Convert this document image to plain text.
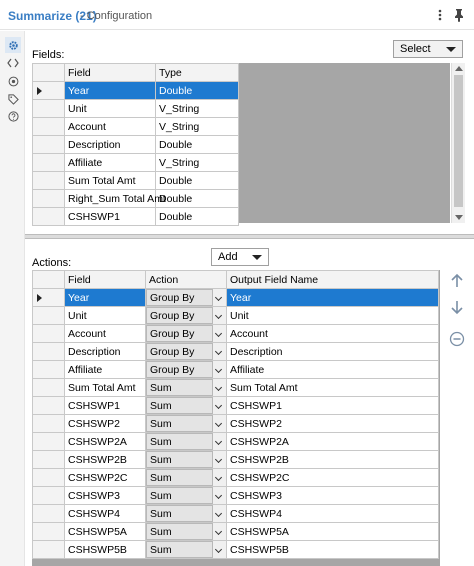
Summarize (21)
- Configuration
Fields:	Select
	Field	Type

	Year	Double
	Unit	V_String
	Account	V_String
	Description	Double
	Affiliate	V_String
	Sum Total Amt	Double
	Right_Sum Total Amt	Double
	CSHSWP1	Double
Actions:	Add
	Field	Action	Output Field Name

	Year	Group By	Year
	Unit	Group By	Unit
	Account	Group By	Account
	Description	Group By	Description
	Affiliate	Group By	Affiliate
	Sum Total Amt	Sum	Sum Total Amt
	CSHSWP1	Sum	CSHSWP1
	CSHSWP2	Sum	CSHSWP2
	CSHSWP2A	Sum	CSHSWP2A
	CSHSWP2B	Sum	CSHSWP2B
	CSHSWP2C	Sum	CSHSWP2C
	CSHSWP3	Sum	CSHSWP3
	CSHSWP4	Sum	CSHSWP4
	CSHSWP5A	Sum	CSHSWP5A
	CSHSWP5B	Sum	CSHSWP5B
